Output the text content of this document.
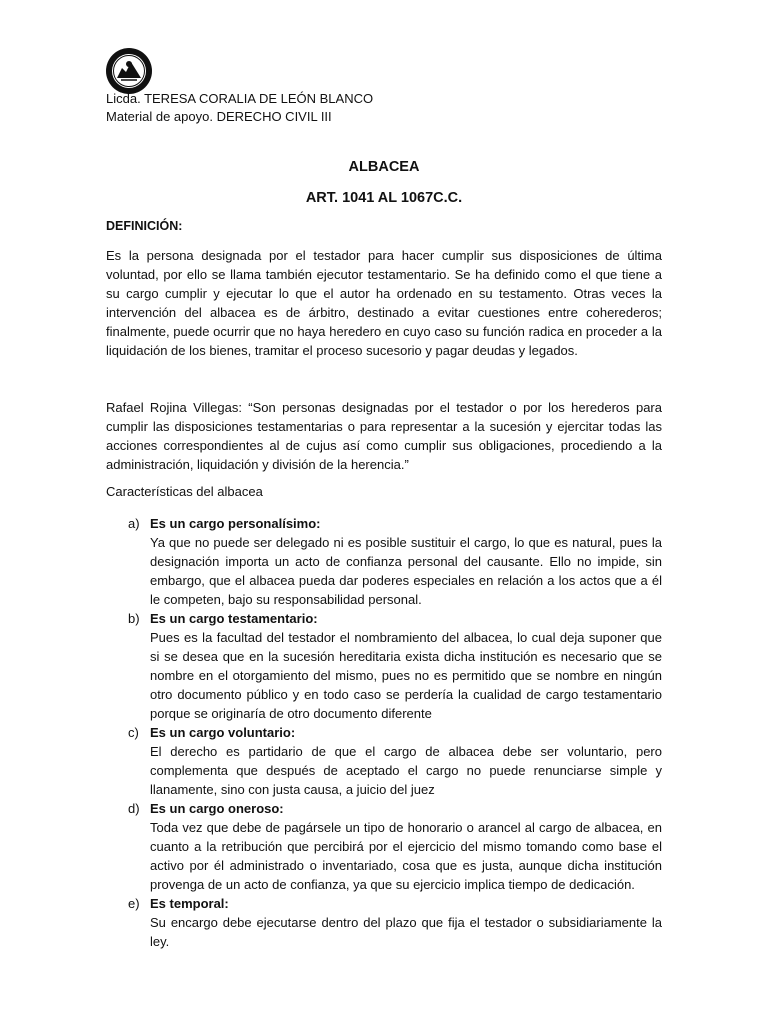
Licda. TERESA CORALIA DE LEÓN BLANCO
Material de apoyo. DERECHO CIVIL III
ALBACEA
ART. 1041 AL 1067C.C.
DEFINICIÓN:

Es la persona designada por el testador para hacer cumplir sus disposiciones de última voluntad, por ello se llama también ejecutor testamentario. Se ha definido como el que tiene a su cargo cumplir y ejecutar lo que el autor ha ordenado en su testamento. Otras veces la intervención del albacea es de árbitro, destinado a evitar cuestiones entre coherederos; finalmente, puede ocurrir que no haya heredero en cuyo caso su función radica en proceder a la liquidación de los bienes, tramitar el proceso sucesorio y pagar deudas y legados.

Rafael Rojina Villegas: “Son personas designadas por el testador o por los herederos para cumplir las disposiciones testamentarias o para representar a la sucesión y ejercitar todas las acciones correspondientes al de cujus así como cumplir sus obligaciones, procediendo a la administración, liquidación y división de la herencia.”

Características del albacea
a) Es un cargo personalísimo:
Ya que no puede ser delegado ni es posible sustituir el cargo, lo que es natural, pues la designación importa un acto de confianza personal del causante. Ello no impide, sin embargo, que el albacea pueda dar poderes especiales en relación a los actos que a él le competen, bajo su responsabilidad personal.
b) Es un cargo testamentario:
Pues es la facultad del testador el nombramiento del albacea, lo cual deja suponer que si se desea que en la sucesión hereditaria exista dicha institución es necesario que se nombre en el otorgamiento del mismo, pues no es permitido que se nombre en ningún otro documento público y en todo caso se perdería la cualidad de cargo testamentario porque se originaría de otro documento diferente
c) Es un cargo voluntario:
El derecho es partidario de que el cargo de albacea debe ser voluntario, pero complementa que después de aceptado el cargo no puede renunciarse simple y llanamente, sino con justa causa, a juicio del juez
d) Es un cargo oneroso:
Toda vez que debe de pagársele un tipo de honorario o arancel al cargo de albacea, en cuanto a la retribución que percibirá por el ejercicio del mismo tomando como base el activo por él administrado o inventariado, cosa que es justa, aunque dicha institución provenga de un acto de confianza, ya que su ejercicio implica tiempo de dedicación.
e) Es temporal:
Su encargo debe ejecutarse dentro del plazo que fija el testador o subsidiariamente la ley.
